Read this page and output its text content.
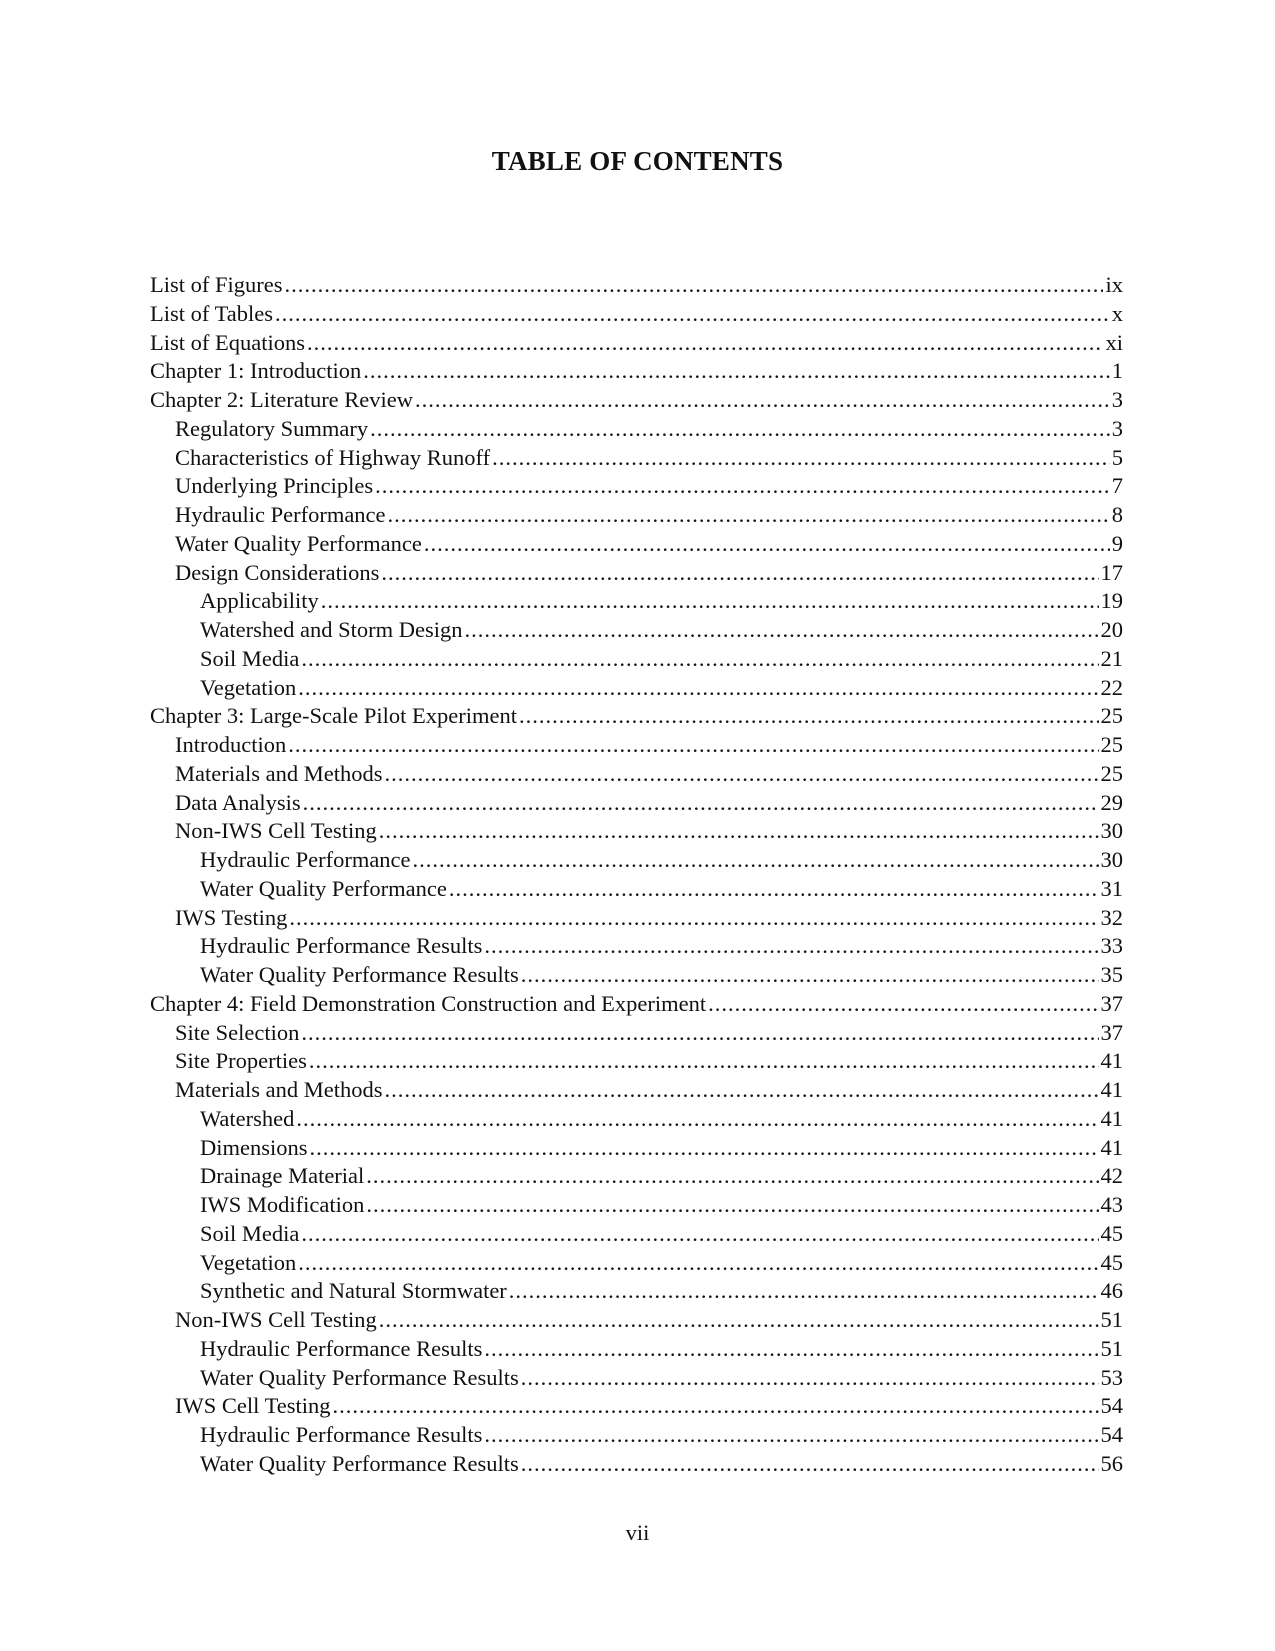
TABLE OF CONTENTS
List of Figures .....	ix
List of Tables .....	x
List of Equations .....	xi
Chapter 1: Introduction .....	1
Chapter 2: Literature Review .....	3
Regulatory Summary .....	3
Characteristics of Highway Runoff .....	5
Underlying Principles .....	7
Hydraulic Performance .....	8
Water Quality Performance .....	9
Design Considerations .....	17
Applicability .....	19
Watershed and Storm Design .....	20
Soil Media .....	21
Vegetation .....	22
Chapter 3: Large-Scale Pilot Experiment .....	25
Introduction .....	25
Materials and Methods .....	25
Data Analysis .....	29
Non-IWS Cell Testing .....	30
Hydraulic Performance .....	30
Water Quality Performance .....	31
IWS Testing .....	32
Hydraulic Performance Results .....	33
Water Quality Performance Results .....	35
Chapter 4: Field Demonstration Construction and Experiment .....	37
Site Selection .....	37
Site Properties .....	41
Materials and Methods .....	41
Watershed .....	41
Dimensions .....	41
Drainage Material .....	42
IWS Modification .....	43
Soil Media .....	45
Vegetation .....	45
Synthetic and Natural Stormwater .....	46
Non-IWS Cell Testing .....	51
Hydraulic Performance Results .....	51
Water Quality Performance Results .....	53
IWS Cell Testing .....	54
Hydraulic Performance Results .....	54
Water Quality Performance Results .....	56
vii
